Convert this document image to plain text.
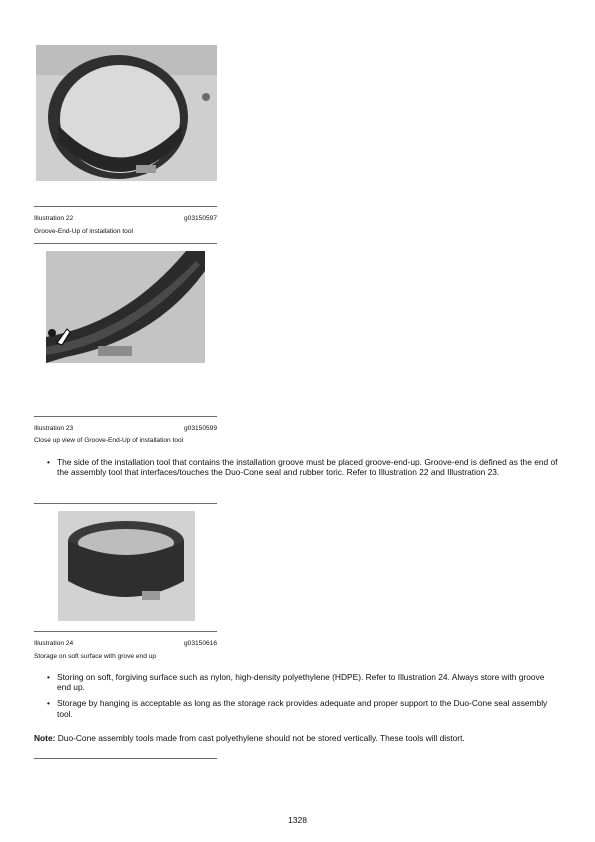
Illustration 22	g03150597
Groove-End-Up of installation tool
Illustration 23	g03150599
Close up view of Groove-End-Up of installation tool
• The side of the installation tool that contains the installation groove must be placed groove-end-up. Groove-end is defined as the end of the assembly tool that interfaces/touches the Duo-Cone seal and rubber toric. Refer to Illustration 22 and Illustration 23.
Illustration 24	g03150616
Storage on soft surface with grove end up
• Storing on soft, forgiving surface such as nylon, high-density polyethylene (HDPE). Refer to Illustration 24. Always store with groove end up.
• Storage by hanging is acceptable as long as the storage rack provides adequate and proper support to the Duo-Cone seal assembly tool.
Note: Duo-Cone assembly tools made from cast polyethylene should not be stored vertically. These tools will distort.
1328
